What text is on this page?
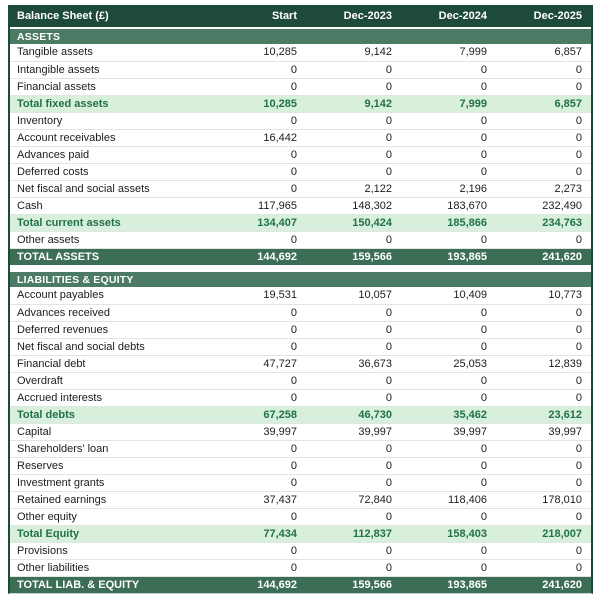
Balance Sheet (£)	Start	Dec-2023	Dec-2024	Dec-2025
ASSETS				
Tangible assets	10,285	9,142	7,999	6,857
Intangible assets	0	0	0	0
Financial assets	0	0	0	0
Total fixed assets	10,285	9,142	7,999	6,857
Inventory	0	0	0	0
Account receivables	16,442	0	0	0
Advances paid	0	0	0	0
Deferred costs	0	0	0	0
Net fiscal and social assets	0	2,122	2,196	2,273
Cash	117,965	148,302	183,670	232,490
Total current assets	134,407	150,424	185,866	234,763
Other assets	0	0	0	0
TOTAL ASSETS	144,692	159,566	193,865	241,620

LIABILITIES & EQUITY				
Account payables	19,531	10,057	10,409	10,773
Advances received	0	0	0	0
Deferred revenues	0	0	0	0
Net fiscal and social debts	0	0	0	0
Financial debt	47,727	36,673	25,053	12,839
Overdraft	0	0	0	0
Accrued interests	0	0	0	0
Total debts	67,258	46,730	35,462	23,612
Capital	39,997	39,997	39,997	39,997
Shareholders' loan	0	0	0	0
Reserves	0	0	0	0
Investment grants	0	0	0	0
Retained earnings	37,437	72,840	118,406	178,010
Other equity	0	0	0	0
Total Equity	77,434	112,837	158,403	218,007
Provisions	0	0	0	0
Other liabilities	0	0	0	0
TOTAL LIAB. & EQUITY	144,692	159,566	193,865	241,620
